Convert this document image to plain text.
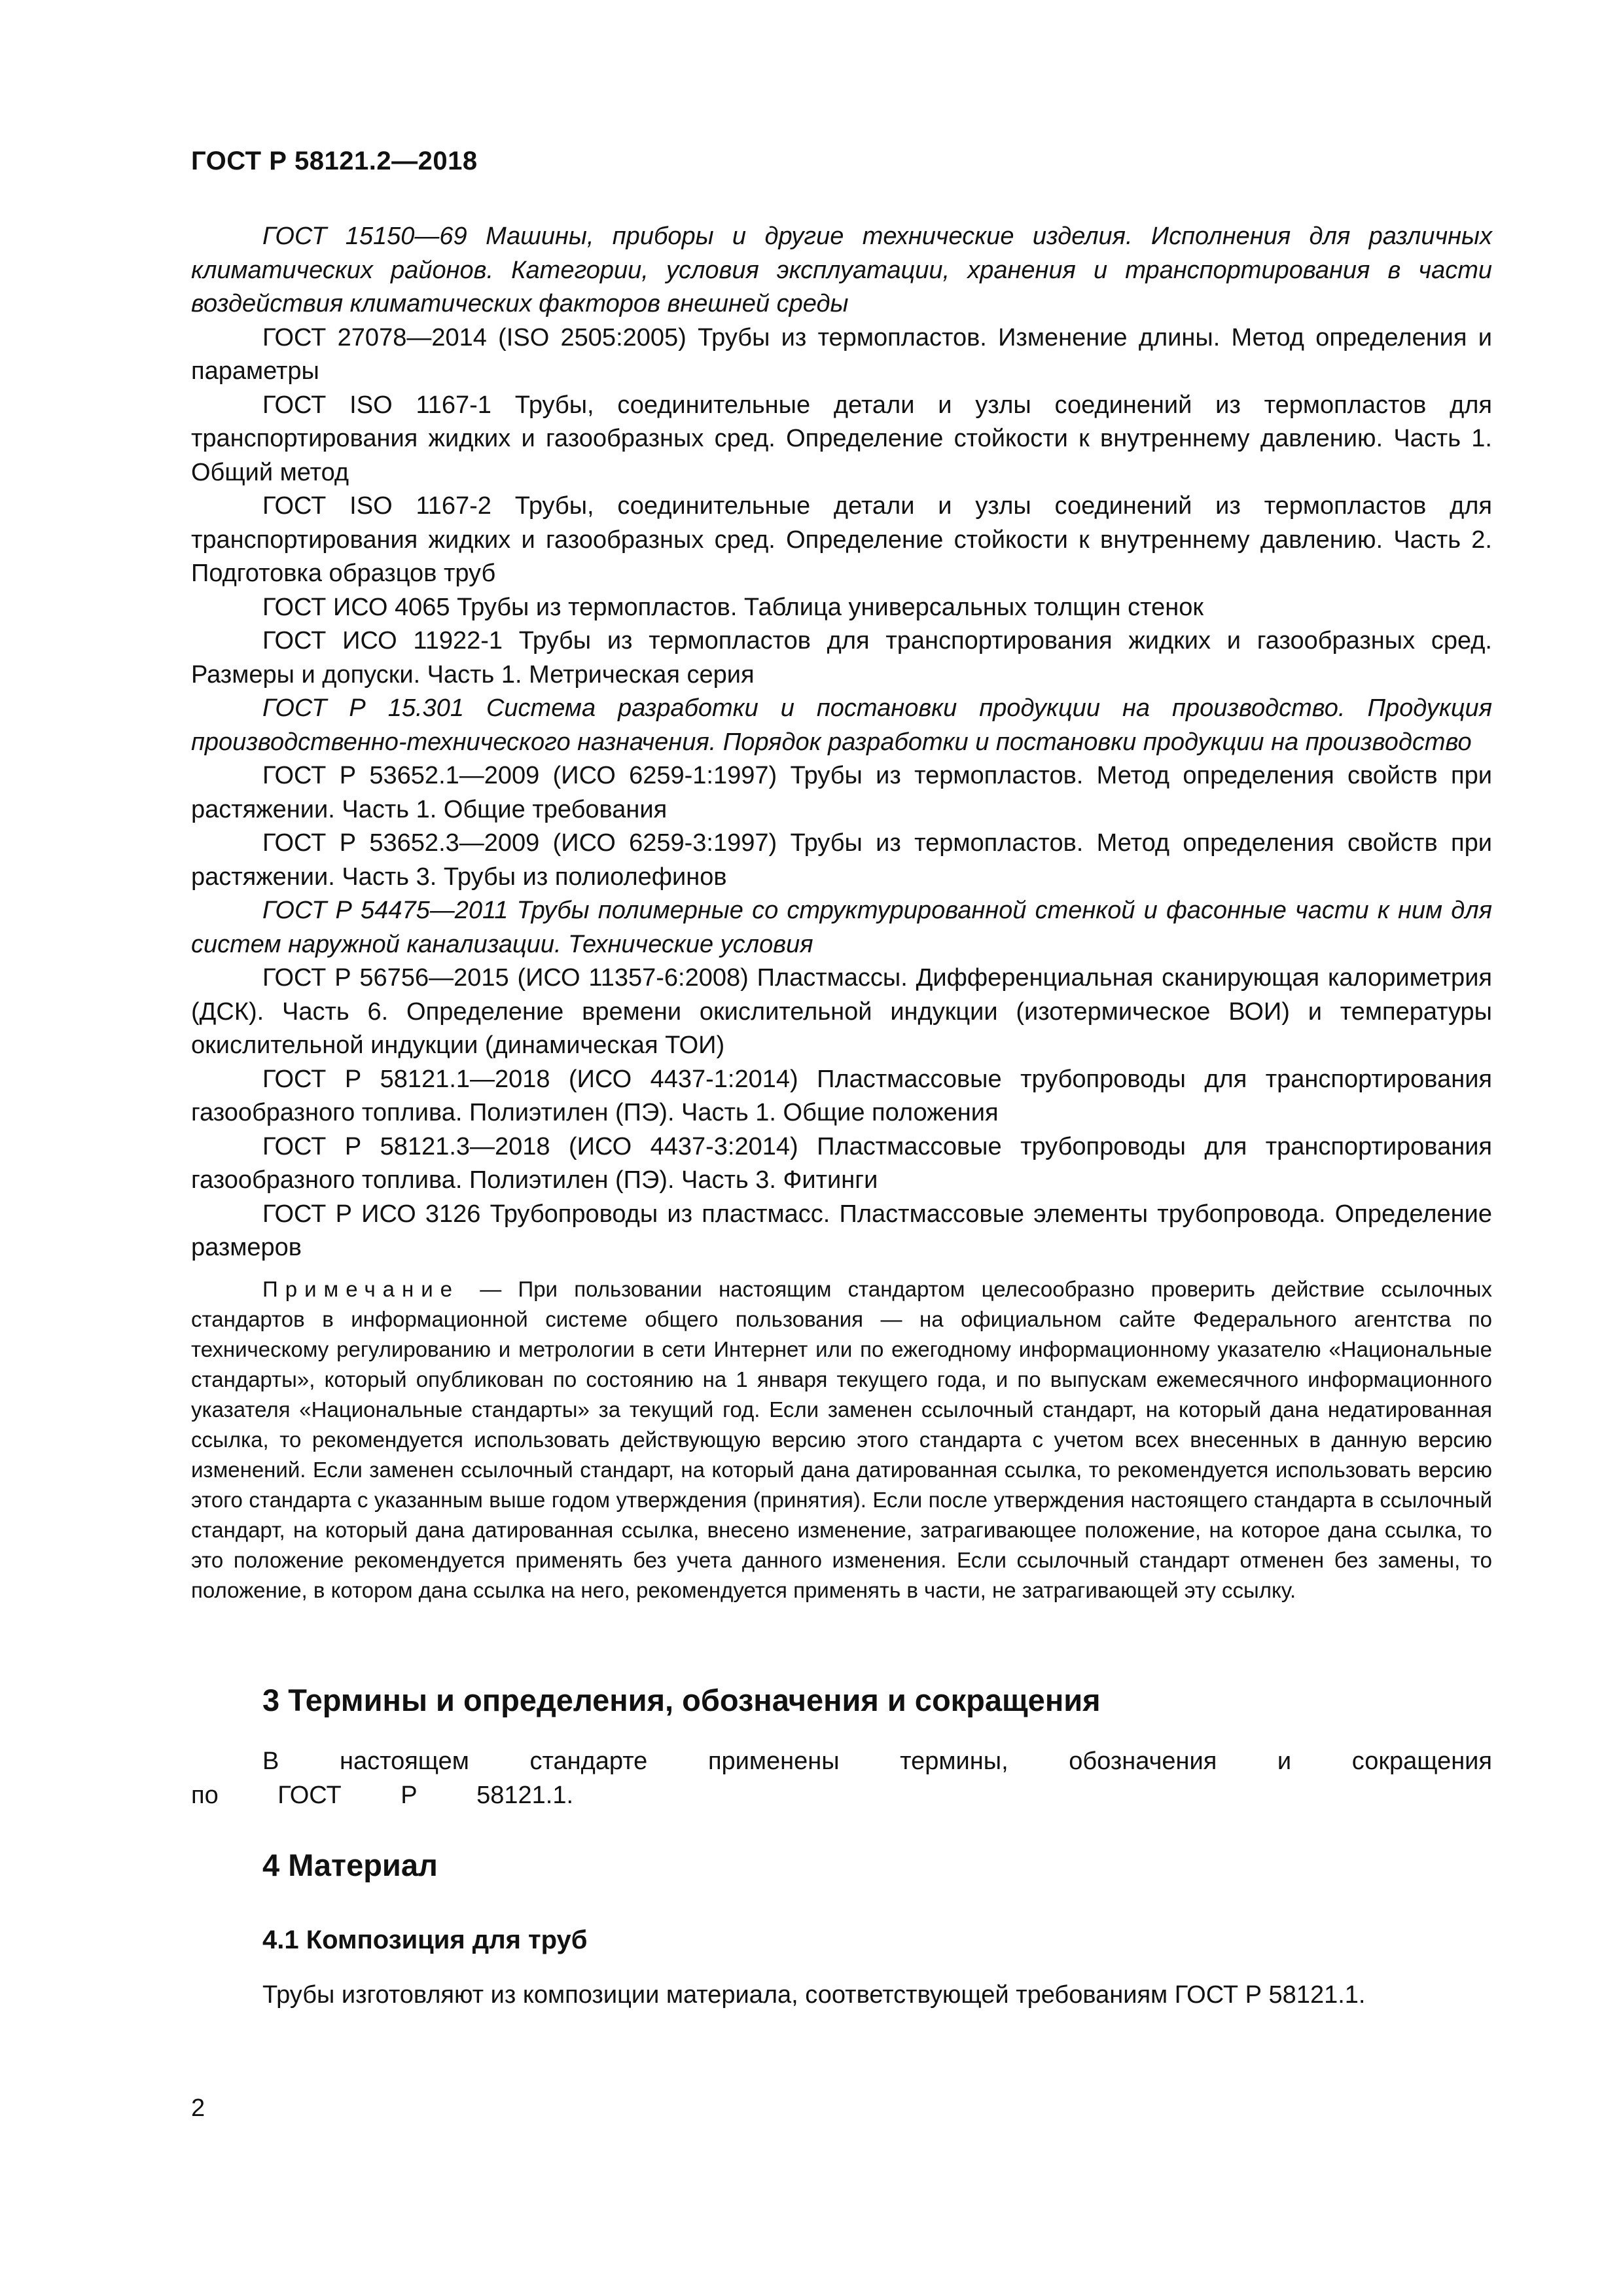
ГОСТ Р 58121.2—2018

ГОСТ 15150—69 Машины, приборы и другие технические изделия. Исполнения для различных климатических районов. Категории, условия эксплуатации, хранения и транспортирования в части воздействия климатических факторов внешней среды

ГОСТ 27078—2014 (ISO 2505:2005) Трубы из термопластов. Изменение длины. Метод определения и параметры

ГОСТ ISO 1167-1 Трубы, соединительные детали и узлы соединений из термопластов для транспортирования жидких и газообразных сред. Определение стойкости к внутреннему давлению. Часть 1. Общий метод

ГОСТ ISO 1167-2 Трубы, соединительные детали и узлы соединений из термопластов для транспортирования жидких и газообразных сред. Определение стойкости к внутреннему давлению. Часть 2. Подготовка образцов труб

ГОСТ ИСО 4065 Трубы из термопластов. Таблица универсальных толщин стенок

ГОСТ ИСО 11922-1 Трубы из термопластов для транспортирования жидких и газообразных сред. Размеры и допуски. Часть 1. Метрическая серия

ГОСТ Р 15.301 Система разработки и постановки продукции на производство. Продукция производственно-технического назначения. Порядок разработки и постановки продукции на производство

ГОСТ Р 53652.1—2009 (ИСО 6259-1:1997) Трубы из термопластов. Метод определения свойств при растяжении. Часть 1. Общие требования

ГОСТ Р 53652.3—2009 (ИСО 6259-3:1997) Трубы из термопластов. Метод определения свойств при растяжении. Часть 3. Трубы из полиолефинов

ГОСТ Р 54475—2011 Трубы полимерные со структурированной стенкой и фасонные части к ним для систем наружной канализации. Технические условия

ГОСТ Р 56756—2015 (ИСО 11357-6:2008) Пластмассы. Дифференциальная сканирующая калориметрия (ДСК). Часть 6. Определение времени окислительной индукции (изотермическое ВОИ) и температуры окислительной индукции (динамическая ТОИ)

ГОСТ Р 58121.1—2018 (ИСО 4437-1:2014) Пластмассовые трубопроводы для транспортирования газообразного топлива. Полиэтилен (ПЭ). Часть 1. Общие положения

ГОСТ Р 58121.3—2018 (ИСО 4437-3:2014) Пластмассовые трубопроводы для транспортирования газообразного топлива. Полиэтилен (ПЭ). Часть 3. Фитинги

ГОСТ Р ИСО 3126 Трубопроводы из пластмасс. Пластмассовые элементы трубопровода. Определение размеров

Примечание — При пользовании настоящим стандартом целесообразно проверить действие ссылочных стандартов в информационной системе общего пользования — на официальном сайте Федерального агентства по техническому регулированию и метрологии в сети Интернет или по ежегодному информационному указателю «Национальные стандарты», который опубликован по состоянию на 1 января текущего года, и по выпускам ежемесячного информационного указателя «Национальные стандарты» за текущий год. Если заменен ссылочный стандарт, на который дана недатированная ссылка, то рекомендуется использовать действующую версию этого стандарта с учетом всех внесенных в данную версию изменений. Если заменен ссылочный стандарт, на который дана датированная ссылка, то рекомендуется использовать версию этого стандарта с указанным выше годом утверждения (принятия). Если после утверждения настоящего стандарта в ссылочный стандарт, на который дана датированная ссылка, внесено изменение, затрагивающее положение, на которое дана ссылка, то это положение рекомендуется применять без учета данного изменения. Если ссылочный стандарт отменен без замены, то положение, в котором дана ссылка на него, рекомендуется применять в части, не затрагивающей эту ссылку.

3 Термины и определения, обозначения и сокращения

В настоящем стандарте применены термины, обозначения и сокращения по ГОСТ Р 58121.1.

4 Материал
4.1 Композиция для труб

Трубы изготовляют из композиции материала, соответствующей требованиям ГОСТ Р 58121.1.

2
